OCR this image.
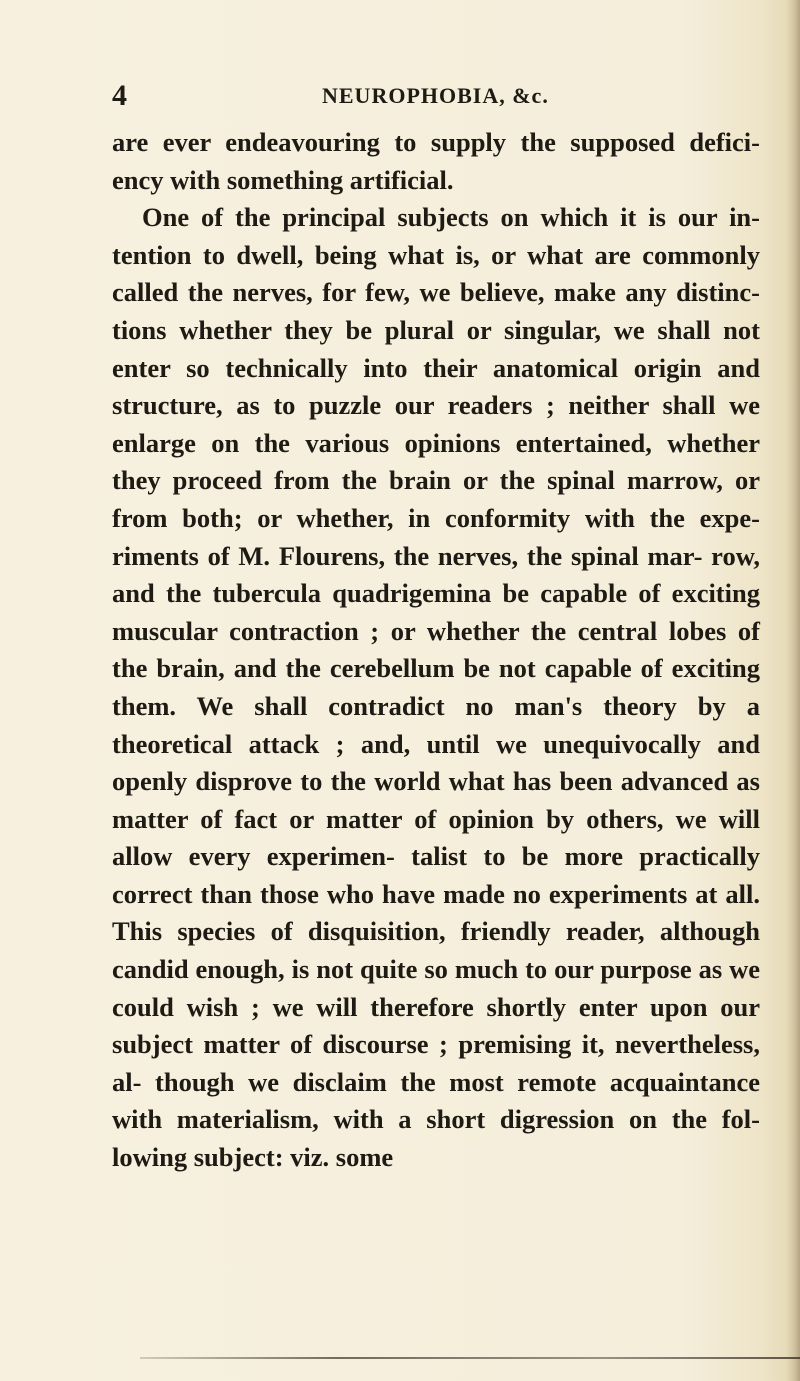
4	NEUROPHOBIA, &c.

are ever endeavouring to supply the supposed defici- ency with something artificial.

One of the principal subjects on which it is our in- tention to dwell, being what is, or what are commonly called the nerves, for few, we believe, make any distinc- tions whether they be plural or singular, we shall not enter so technically into their anatomical origin and structure, as to puzzle our readers ; neither shall we enlarge on the various opinions entertained, whether they proceed from the brain or the spinal marrow, or from both; or whether, in conformity with the expe- riments of M. Flourens, the nerves, the spinal mar- row, and the tubercula quadrigemina be capable of exciting muscular contraction ; or whether the central lobes of the brain, and the cerebellum be not capable of exciting them. We shall contradict no man's theory by a theoretical attack ; and, until we unequivocally and openly disprove to the world what has been advanced as matter of fact or matter of opinion by others, we will allow every experimen- talist to be more practically correct than those who have made no experiments at all. This species of disquisition, friendly reader, although candid enough, is not quite so much to our purpose as we could wish ; we will therefore shortly enter upon our subject matter of discourse ; premising it, nevertheless, al- though we disclaim the most remote acquaintance with materialism, with a short digression on the fol- lowing subject: viz. some
